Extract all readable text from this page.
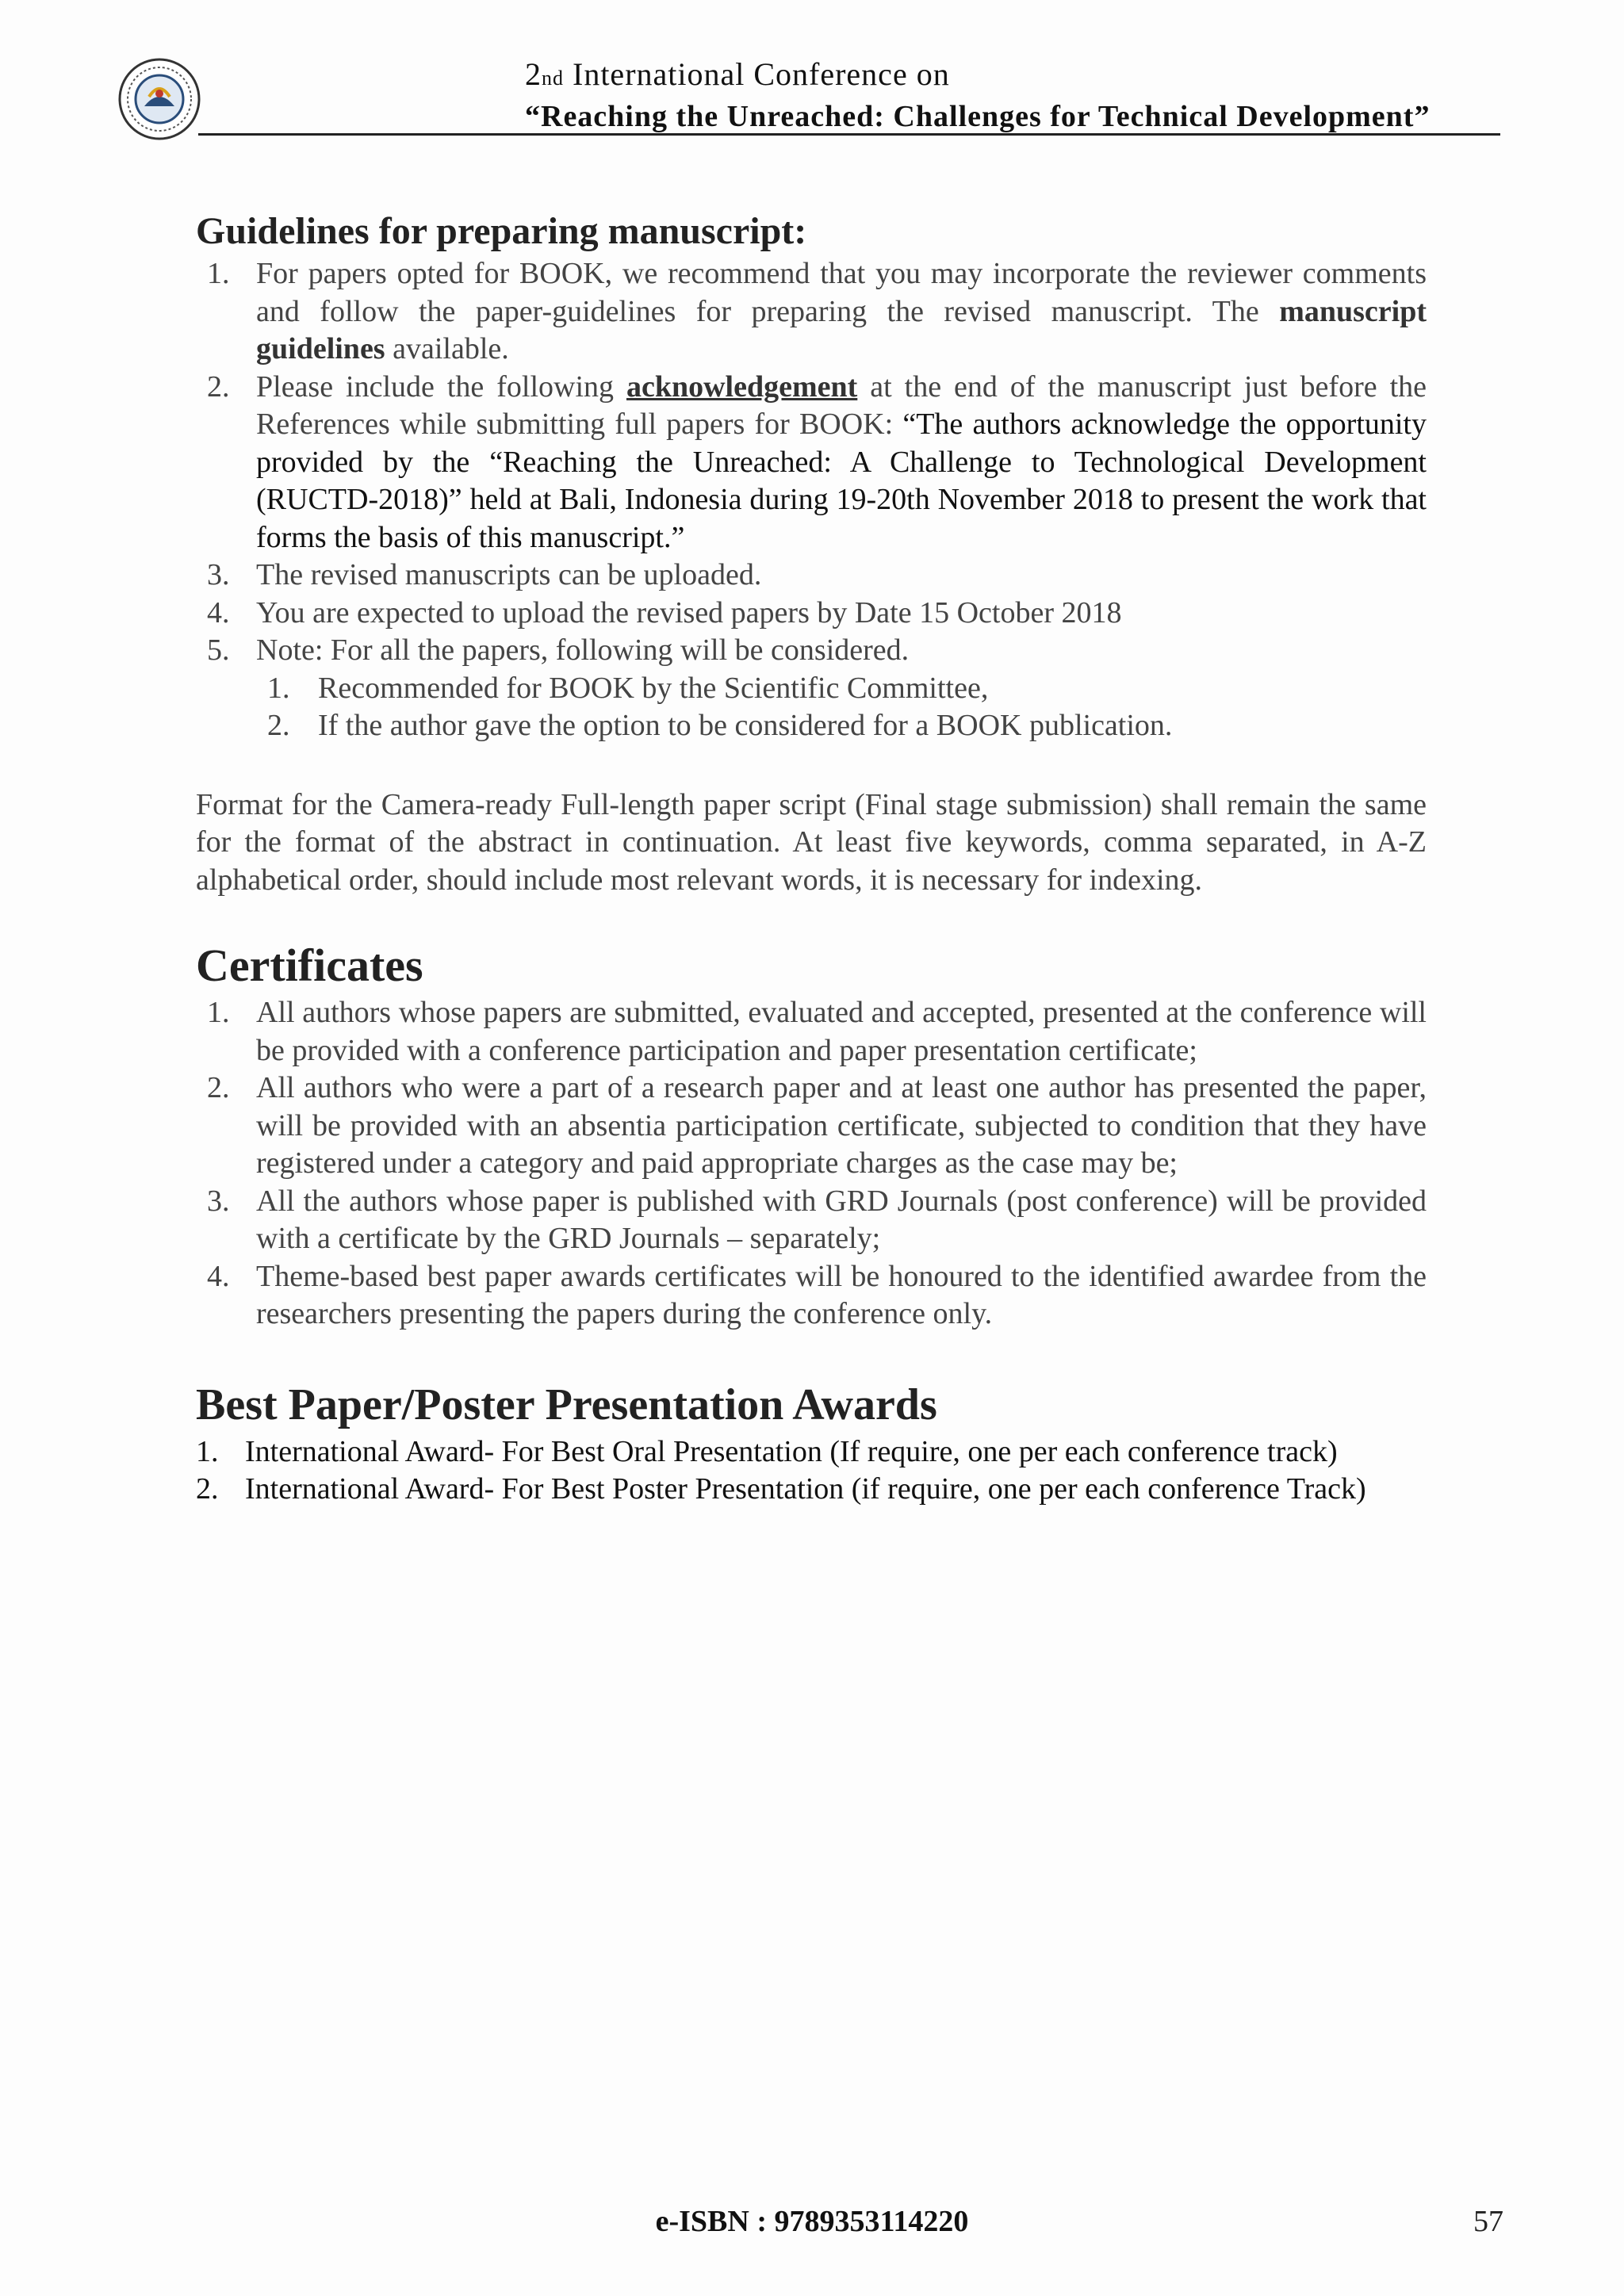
2nd International Conference on
“Reaching the Unreached: Challenges for Technical Development”
Guidelines for preparing manuscript:
1. For papers opted for BOOK, we recommend that you may incorporate the reviewer comments and follow the paper-guidelines for preparing the revised manuscript. The manuscript guidelines available.
2. Please include the following acknowledgement at the end of the manuscript just before the References while submitting full papers for BOOK: “The authors acknowledge the opportunity provided by the “Reaching the Unreached: A Challenge to Technological Development (RUCTD-2018)” held at Bali, Indonesia during 19-20th November 2018 to present the work that forms the basis of this manuscript.”
3. The revised manuscripts can be uploaded.
4. You are expected to upload the revised papers by Date 15 October 2018
5. Note: For all the papers, following will be considered.
1. Recommended for BOOK by the Scientific Committee,
2. If the author gave the option to be considered for a BOOK publication.

Format for the Camera-ready Full-length paper script (Final stage submission) shall remain the same for the format of the abstract in continuation. At least five keywords, comma separated, in A-Z alphabetical order, should include most relevant words, it is necessary for indexing.

Certificates
1. All authors whose papers are submitted, evaluated and accepted, presented at the conference will be provided with a conference participation and paper presentation certificate;
2. All authors who were a part of a research paper and at least one author has presented the paper, will be provided with an absentia participation certificate, subjected to condition that they have registered under a category and paid appropriate charges as the case may be;
3. All the authors whose paper is published with GRD Journals (post conference) will be provided with a certificate by the GRD Journals – separately;
4. Theme-based best paper awards certificates will be honoured to the identified awardee from the researchers presenting the papers during the conference only.
Best Paper/Poster Presentation Awards
1. International Award- For Best Oral Presentation (If require, one per each conference track)
2. International Award- For Best Poster Presentation (if require, one per each conference Track)
e-ISBN : 9789353114220	57
